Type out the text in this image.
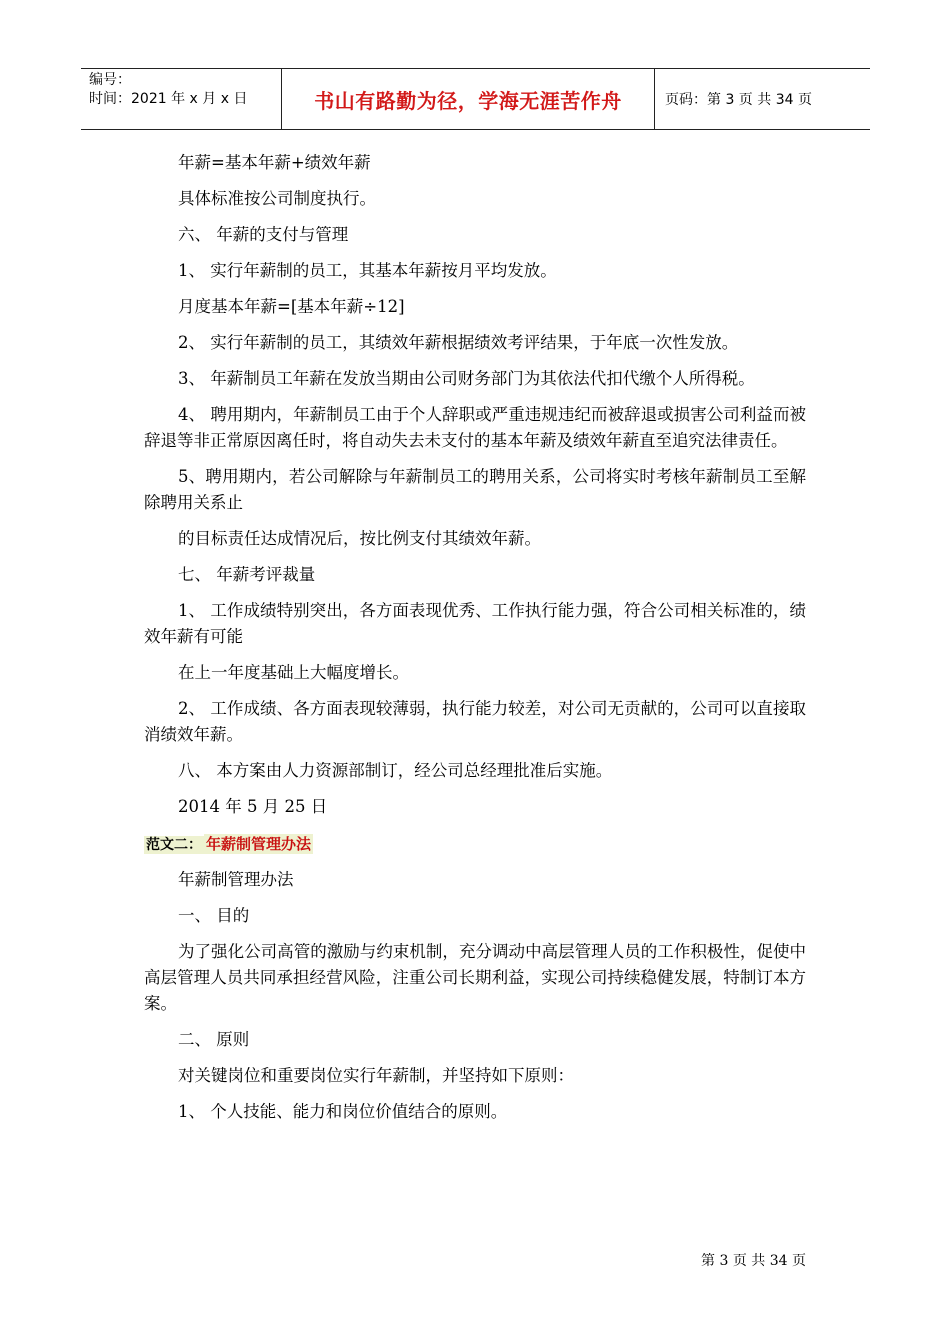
编号：
时间：2021 年 x 月 x 日	书山有路勤为径，学海无涯苦作舟	页码：第 3 页 共 34 页

年薪=基本年薪+绩效年薪

具体标准按公司制度执行。

六、 年薪的支付与管理

1、 实行年薪制的员工，其基本年薪按月平均发放。

月度基本年薪=[基本年薪÷12]

2、 实行年薪制的员工，其绩效年薪根据绩效考评结果，于年底一次性发放。

3、 年薪制员工年薪在发放当期由公司财务部门为其依法代扣代缴个人所得税。

4、 聘用期内，年薪制员工由于个人辞职或严重违规违纪而被辞退或损害公司利益而被辞退等非正常原因离任时，将自动失去未支付的基本年薪及绩效年薪直至追究法律责任。

5、聘用期内，若公司解除与年薪制员工的聘用关系，公司将实时考核年薪制员工至解除聘用关系止

的目标责任达成情况后，按比例支付其绩效年薪。

七、 年薪考评裁量

1、 工作成绩特别突出，各方面表现优秀、工作执行能力强，符合公司相关标准的，绩效年薪有可能

在上一年度基础上大幅度增长。

2、 工作成绩、各方面表现较薄弱，执行能力较差，对公司无贡献的，公司可以直接取消绩效年薪。

八、 本方案由人力资源部制订，经公司总经理批准后实施。

2014 年 5 月 25 日

范文二： 年薪制管理办法

年薪制管理办法

一、 目的

为了强化公司高管的激励与约束机制，充分调动中高层管理人员的工作积极性，促使中高层管理人员共同承担经营风险，注重公司长期利益，实现公司持续稳健发展，特制订本方案。

二、 原则

对关键岗位和重要岗位实行年薪制，并坚持如下原则：

1、 个人技能、能力和岗位价值结合的原则。

第 3 页 共 34 页
